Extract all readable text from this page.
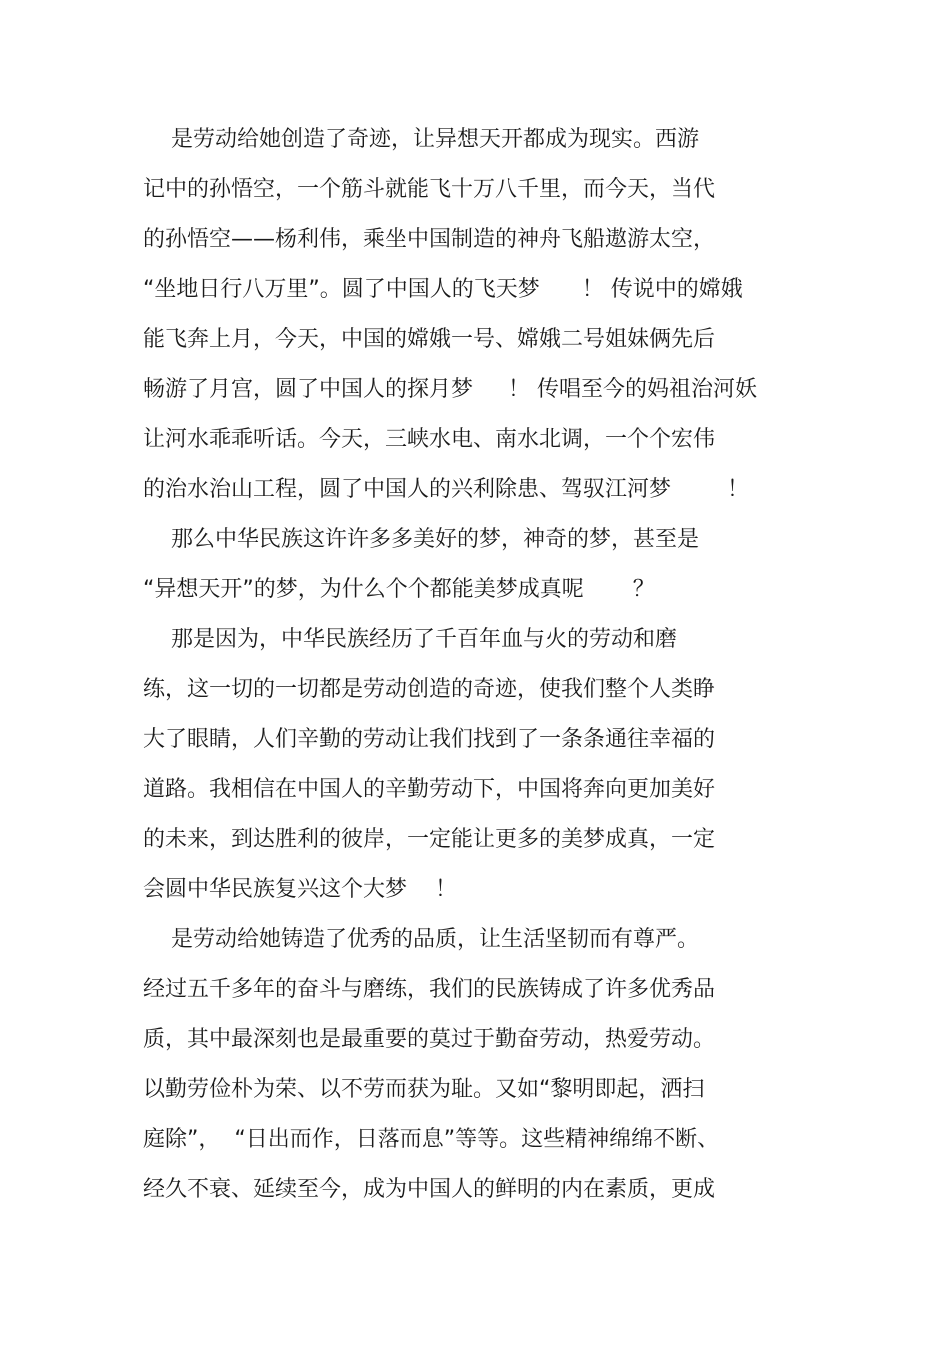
是劳动给她创造了奇迹，让异想天开都成为现实。西游
记中的孙悟空，一个筋斗就能飞十万八千里，而今天，当代
的孙悟空——杨利伟，乘坐中国制造的神舟飞船遨游太空，
“坐地日行八万里”。圆了中国人的飞天梦      ！ 传说中的嫦娥
能飞奔上月，今天，中国的嫦娥一号、嫦娥二号姐妹俩先后
畅游了月宫，圆了中国人的探月梦     ！ 传唱至今的妈祖治河妖
让河水乖乖听话。今天，三峡水电、南水北调，一个个宏伟
的治水治山工程，圆了中国人的兴利除患、驾驭江河梦        ！
那么中华民族这许许多多美好的梦，神奇的梦，甚至是
“异想天开”的梦，为什么个个都能美梦成真呢       ？
那是因为，中华民族经历了千百年血与火的劳动和磨
练，这一切的一切都是劳动创造的奇迹，使我们整个人类睁
大了眼睛，人们辛勤的劳动让我们找到了一条条通往幸福的
道路。我相信在中国人的辛勤劳动下，中国将奔向更加美好
的未来，到达胜利的彼岸，一定能让更多的美梦成真，一定
会圆中华民族复兴这个大梦    ！
是劳动给她铸造了优秀的品质，让生活坚韧而有尊严。
经过五千多年的奋斗与磨练，我们的民族铸成了许多优秀品
质，其中最深刻也是最重要的莫过于勤奋劳动，热爱劳动。
以勤劳俭朴为荣、以不劳而获为耻。又如“黎明即起，洒扫
庭除”，  “日出而作，日落而息”等等。这些精神绵绵不断、
经久不衰、延续至今，成为中国人的鲜明的内在素质，更成
